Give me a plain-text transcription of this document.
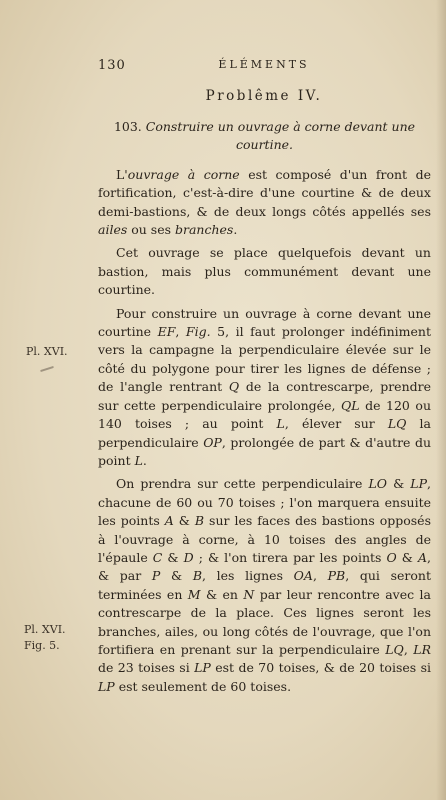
130	ÉLÉMENTS
Problême IV.
103. Construire un ouvrage à corne devant une courtine.

L'ouvrage à corne est composé d'un front de fortification, c'est-à-dire d'une courtine & de deux demi-bastions, & de deux longs côtés appellés ses ailes ou ses branches.

Cet ouvrage se place quelquefois devant un bastion, mais plus communément devant une courtine.

Pour construire un ouvrage à corne devant une courtine EF, Fig. 5, il faut prolonger indéfiniment vers la campagne la perpendiculaire élevée sur le côté du polygone pour tirer les lignes de défense ; de l'angle rentrant Q de la contrescarpe, prendre sur cette perpendiculaire prolongée, QL de 120 ou 140 toises ; au point L, élever sur LQ la perpendiculaire OP, prolongée de part & d'autre du point L.

On prendra sur cette perpendiculaire LO & LP, chacune de 60 ou 70 toises ; l'on marquera ensuite les points A & B sur les faces des bastions opposés à l'ouvrage à corne, à 10 toises des angles de l'épaule C & D ; & l'on tirera par les points O & A, & par P & B, les lignes OA, PB, qui seront terminées en M & en N par leur rencontre avec la contrescarpe de la place. Ces lignes seront les branches, ailes, ou long côtés de l'ouvrage, que l'on fortifiera en prenant sur la perpendiculaire LQ, LR de 23 toises si LP est de 70 toises, & de 20 toises si LP est seulement de 60 toises.

Pl. XVI.
Pl. XVI.
Fig. 5.
